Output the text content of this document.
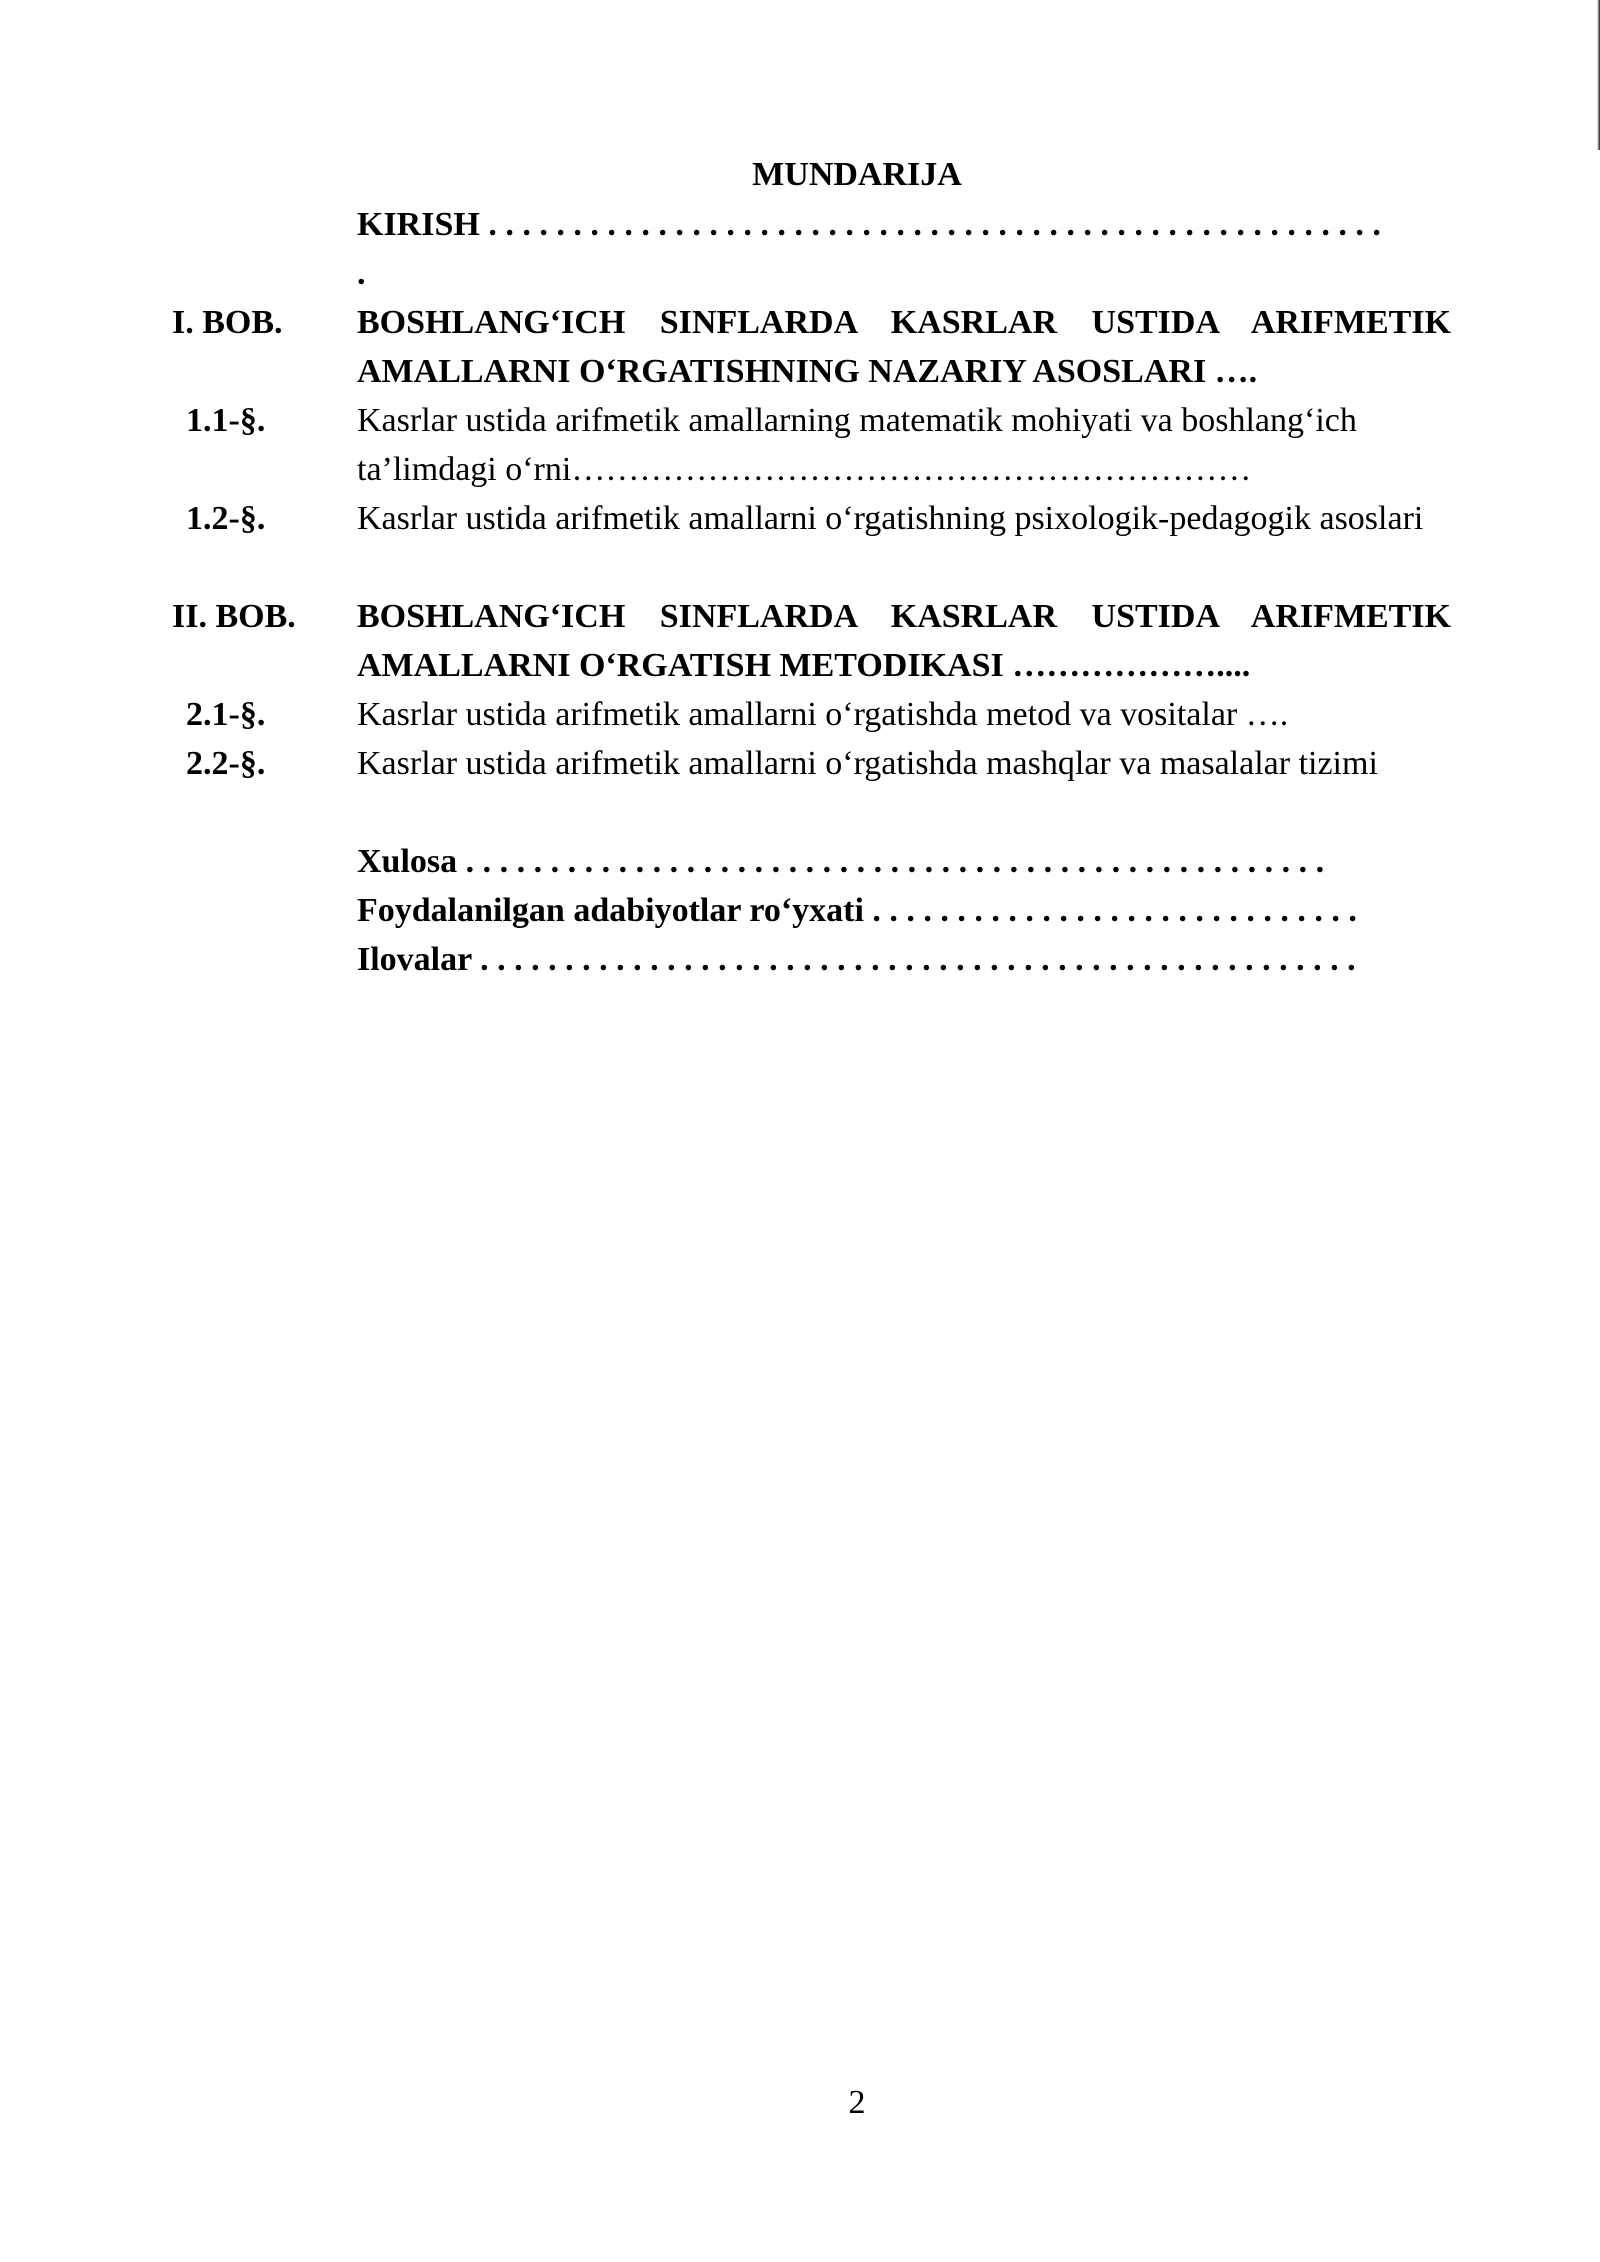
MUNDARIJA
KIRISH . . . . . . . . . . . . . . . . . . . . . . . . . . . . . . . . . . . . . . . . . . . . . . . . . . . . .
.
I. BOB. BOSHLANG‘ICH SINFLARDA KASRLAR USTIDA ARIFMETIK AMALLARNI O‘RGATISHNING NAZARIY ASOSLARI ….
1.1-§.	Kasrlar ustida arifmetik amallarning matematik mohiyati va boshlang‘ich ta’limdagi o‘rni……………………………………………………
1.2-§.	Kasrlar ustida arifmetik amallarni o‘rgatishning psixologik-pedagogik asoslari
II. BOB. BOSHLANG‘ICH SINFLARDA KASRLAR USTIDA ARIFMETIK AMALLARNI O‘RGATISH METODIKASI ………………....
2.1-§.	Kasrlar ustida arifmetik amallarni o‘rgatishda metod va vositalar ….
2.2-§.	Kasrlar ustida arifmetik amallarni o‘rgatishda mashqlar va masalalar tizimi
Xulosa . . . . . . . . . . . . . . . . . . . . . . . . . . . . . . . . . . . . . . . . . . . . . . . . . . .
Foydalanilgan adabiyotlar ro‘yxati . . . . . . . . . . . . . . . . . . . . . . . . . . . . .
Ilovalar . . . . . . . . . . . . . . . . . . . . . . . . . . . . . . . . . . . . . . . . . . . . . . . . . . . .
2
